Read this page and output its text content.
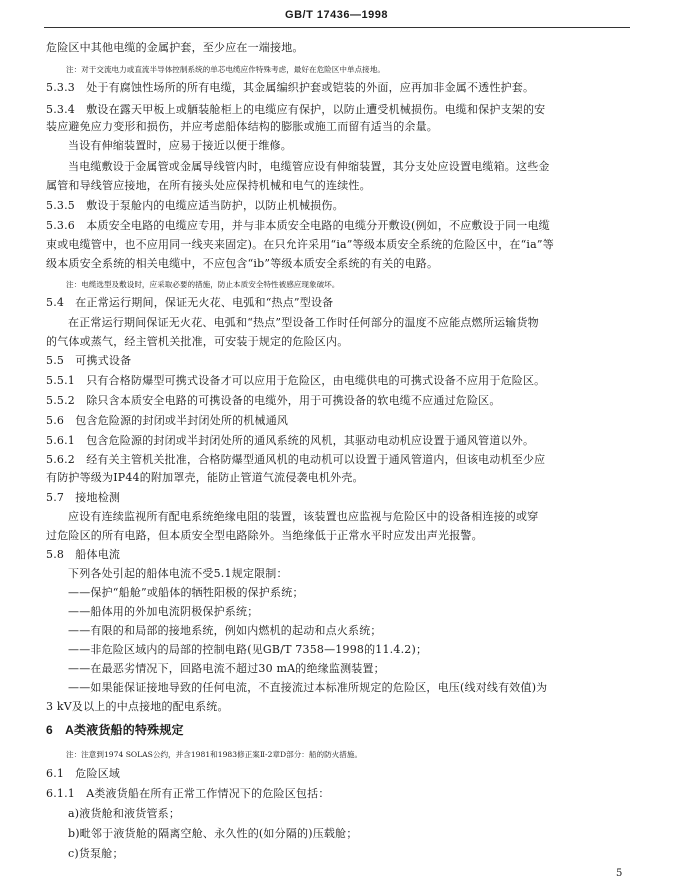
GB/T 17436—1998
危险区中其他电缆的金属护套，至少应在一端接地。
注：对于交流电力或直流半导体控制系统的单芯电缆应作特殊考虑，最好在危险区中单点接地。
5.3.3　处于有腐蚀性场所的所有电缆，其金属编织护套或铠装的外面，应再加非金属不透性护套。
5.3.4　敷设在露天甲板上或舾装舱柜上的电缆应有保护，以防止遭受机械损伤。电缆和保护支架的安
装应避免应力变形和损伤，并应考虑船体结构的膨胀或施工而留有适当的余量。
当设有伸缩装置时，应易于接近以便于维修。
当电缆敷设于金属管或金属导线管内时，电缆管应设有伸缩装置，其分支处应设置电缆箱。这些金
属管和导线管应接地，在所有接头处应保持机械和电气的连续性。
5.3.5　敷设于泵舱内的电缆应适当防护，以防止机械损伤。
5.3.6　本质安全电路的电缆应专用，并与非本质安全电路的电缆分开敷设(例如，不应敷设于同一电缆
束或电缆管中，也不应用同一线夹来固定)。在只允许采用“ia”等级本质安全系统的危险区中，在“ia”等
级本质安全系统的相关电缆中，不应包含“ib”等级本质安全系统的有关的电路。
注：电缆选型及敷设时，应采取必要的措施，防止本质安全特性被感应现象破坏。
5.4　在正常运行期间，保证无火花、电弧和“热点”型设备
在正常运行期间保证无火花、电弧和“热点”型设备工作时任何部分的温度不应能点燃所运输货物
的气体或蒸气，经主管机关批准，可安装于规定的危险区内。
5.5　可携式设备
5.5.1　只有合格防爆型可携式设备才可以应用于危险区，由电缆供电的可携式设备不应用于危险区。
5.5.2　除只含本质安全电路的可携设备的电缆外，用于可携设备的软电缆不应通过危险区。
5.6　包含危险源的封闭或半封闭处所的机械通风
5.6.1　包含危险源的封闭或半封闭处所的通风系统的风机，其驱动电动机应设置于通风管道以外。
5.6.2　经有关主管机关批准，合格防爆型通风机的电动机可以设置于通风管道内，但该电动机至少应
有防护等级为IP44的附加罩壳，能防止管道气流侵袭电机外壳。
5.7　接地检测
应设有连续监视所有配电系统绝缘电阻的装置，该装置也应监视与危险区中的设备相连接的或穿
过危险区的所有电路，但本质安全型电路除外。当绝缘低于正常水平时应发出声光报警。
5.8　船体电流
下列各处引起的船体电流不受5.1规定限制：
——保护“船舱”或船体的牺牲阳极的保护系统；
——船体用的外加电流阴极保护系统；
——有限的和局部的接地系统，例如内燃机的起动和点火系统；
——非危险区域内的局部的控制电路(见GB/T 7358—1998的11.4.2)；
——在最恶劣情况下，回路电流不超过30 mA的绝缘监测装置；
——如果能保证接地导致的任何电流，不直接流过本标准所规定的危险区，电压(线对线有效值)为
3 kV及以上的中点接地的配电系统。
6　A类液货船的特殊规定
注：注意到1974 SOLAS公约，并含1981和1983修正案Ⅱ-2章D部分：船的防火措施。
6.1　危险区域
6.1.1　A类液货船在所有正常工作情况下的危险区包括：
a)液货舱和液货管系；
b)毗邻于液货舱的隔离空舱、永久性的(如分隔的)压载舱；
c)货泵舱；
5
